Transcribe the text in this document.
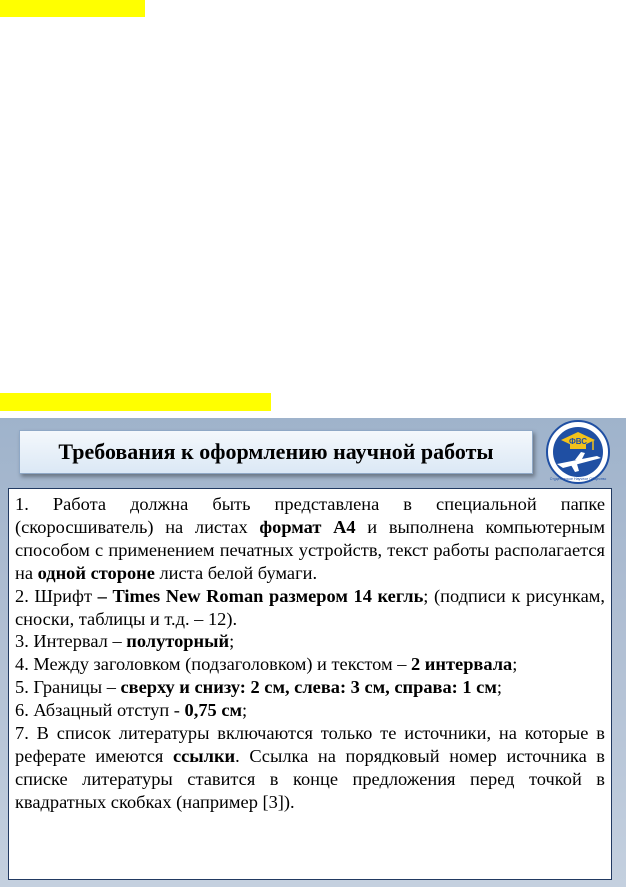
Требования к оформлению научной работы	ФВС
Студенческое Научное Общество

1. Работа должна быть представлена в специальной папке (скоросшиватель) на листах формат А4 и выполнена компьютерным способом с применением печатных устройств, текст работы располагается на одной стороне листа белой бумаги.

2. Шрифт – Times New Roman размером 14 кегль; (подписи к рисункам, сноски, таблицы и т.д. – 12).

3. Интервал – полуторный;

4. Между заголовком (подзаголовком) и текстом – 2 интервала;

5. Границы – сверху и снизу: 2 см, слева: 3 см, справа: 1 см;

6. Абзацный отступ - 0,75 см;

7. В список литературы включаются только те источники, на которые в реферате имеются ссылки. Ссылка на порядковый номер источника в списке литературы ставится в конце предложения перед точкой в квадратных скобках (например [3]).
